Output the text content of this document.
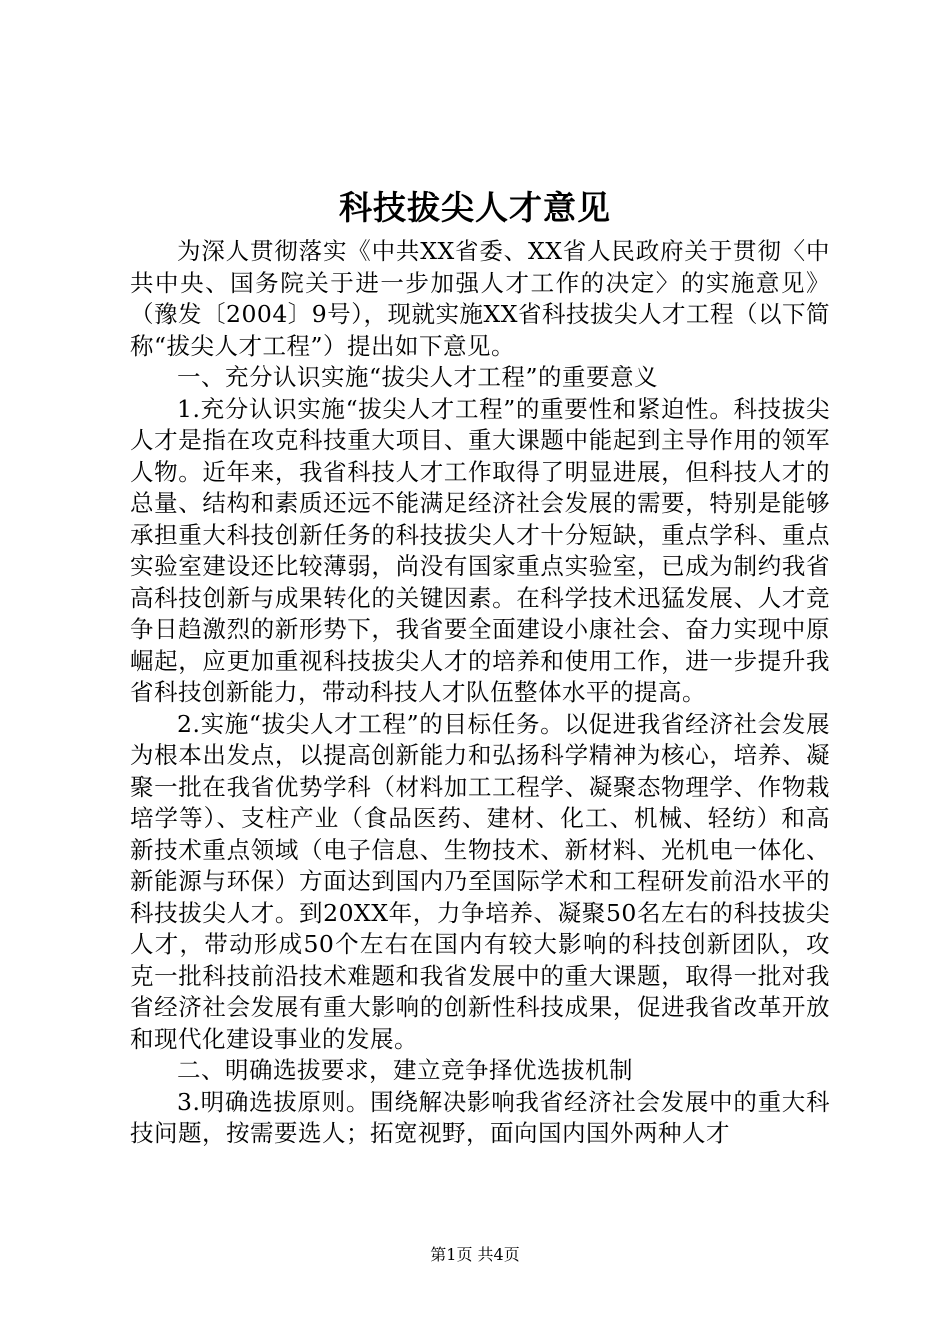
科技拔尖人才意见

为深人贯彻落实《中共XX省委、XX省人民政府关于贯彻〈中共中央、国务院关于进一步加强人才工作的决定〉的实施意见》（豫发〔2004〕9号），现就实施XX省科技拔尖人才工程（以下简称“拔尖人才工程”）提出如下意见。

一、充分认识实施“拔尖人才工程”的重要意义

1.充分认识实施“拔尖人才工程”的重要性和紧迫性。科技拔尖人才是指在攻克科技重大项目、重大课题中能起到主导作用的领军人物。近年来，我省科技人才工作取得了明显进展，但科技人才的总量、结构和素质还远不能满足经济社会发展的需要，特别是能够承担重大科技创新任务的科技拔尖人才十分短缺，重点学科、重点实验室建设还比较薄弱，尚没有国家重点实验室，已成为制约我省高科技创新与成果转化的关键因素。在科学技术迅猛发展、人才竞争日趋激烈的新形势下，我省要全面建设小康社会、奋力实现中原崛起，应更加重视科技拔尖人才的培养和使用工作，进一步提升我省科技创新能力，带动科技人才队伍整体水平的提高。

2.实施“拔尖人才工程”的目标任务。以促进我省经济社会发展为根本出发点，以提高创新能力和弘扬科学精神为核心，培养、凝聚一批在我省优势学科（材料加工工程学、凝聚态物理学、作物栽培学等）、支柱产业（食品医药、建材、化工、机械、轻纺）和高新技术重点领域（电子信息、生物技术、新材料、光机电一体化、新能源与环保）方面达到国内乃至国际学术和工程研发前沿水平的科技拔尖人才。到20XX年，力争培养、凝聚50名左右的科技拔尖人才，带动形成50个左右在国内有较大影响的科技创新团队，攻克一批科技前沿技术难题和我省发展中的重大课题，取得一批对我省经济社会发展有重大影响的创新性科技成果，促进我省改革开放和现代化建设事业的发展。

二、明确选拔要求，建立竞争择优选拔机制

3.明确选拔原则。围绕解决影响我省经济社会发展中的重大科技问题，按需要选人；拓宽视野，面向国内国外两种人才

第1页 共4页
